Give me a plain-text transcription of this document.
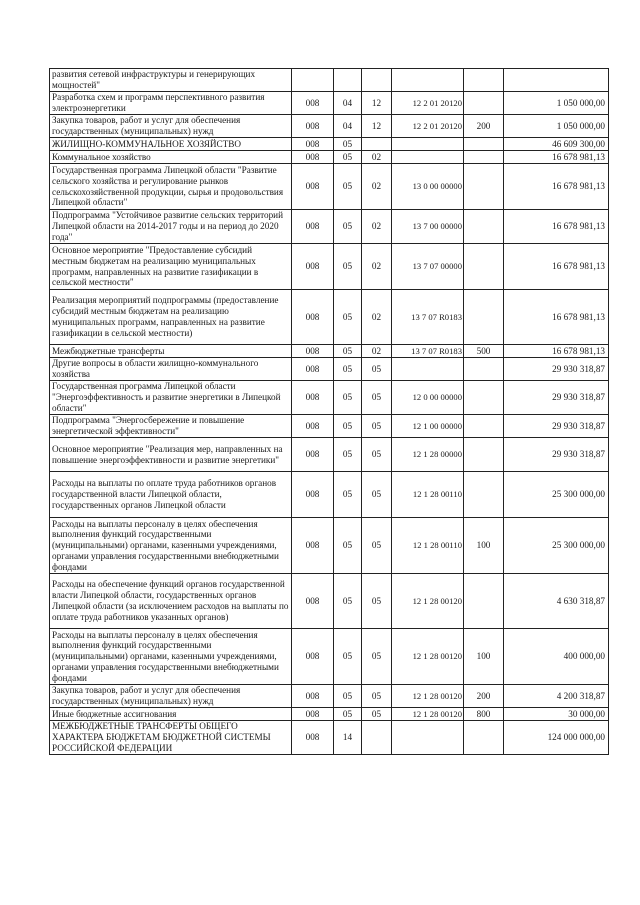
развития сетевой инфраструктуры и генерирующих мощностей"						
Разработка схем и программ перспективного развития электроэнергетики	008	04	12	12 2 01 20120		1 050 000,00
Закупка товаров, работ и услуг для обеспечения государственных (муниципальных) нужд	008	04	12	12 2 01 20120	200	1 050 000,00
ЖИЛИЩНО-КОММУНАЛЬНОЕ ХОЗЯЙСТВО	008	05				46 609 300,00
Коммунальное хозяйство	008	05	02			16 678 981,13
Государственная программа Липецкой области "Развитие сельского хозяйства и регулирование рынков сельскохозяйственной продукции, сырья и продовольствия Липецкой области"	008	05	02	13 0 00 00000		16 678 981,13
Подпрограмма "Устойчивое развитие сельских территорий Липецкой области на 2014-2017 годы и на период до 2020 года"	008	05	02	13 7 00 00000		16 678 981,13
Основное мероприятие "Предоставление субсидий местным бюджетам на реализацию муниципальных программ, направленных на развитие газификации в сельской местности"	008	05	02	13 7 07 00000		16 678 981,13
Реализация мероприятий подпрограммы (предоставление субсидий местным бюджетам на реализацию муниципальных программ, направленных на развитие газификации в сельской местности)	008	05	02	13 7 07 R0183		16 678 981,13
Межбюджетные трансферты	008	05	02	13 7 07 R0183	500	16 678 981,13
Другие вопросы в области жилищно-коммунального хозяйства	008	05	05			29 930 318,87
Государственная программа Липецкой области "Энергоэффективность и развитие энергетики в Липецкой области"	008	05	05	12 0 00 00000		29 930 318,87
Подпрограмма "Энергосбережение и повышение энергетической эффективности"	008	05	05	12 1 00 00000		29 930 318,87
Основное мероприятие "Реализация мер, направленных на повышение энергоэффективности и развитие энергетики"	008	05	05	12 1 28 00000		29 930 318,87
Расходы на выплаты по оплате труда работников органов государственной власти Липецкой области, государственных органов Липецкой области	008	05	05	12 1 28 00110		25 300 000,00
Расходы на выплаты персоналу в целях обеспечения выполнения функций государственными (муниципальными) органами, казенными учреждениями, органами управления государственными внебюджетными фондами	008	05	05	12 1 28 00110	100	25 300 000,00
Расходы на обеспечение функций органов государственной власти Липецкой области, государственных органов Липецкой области (за исключением расходов на выплаты по оплате труда работников указанных органов)	008	05	05	12 1 28 00120		4 630 318,87
Расходы на выплаты персоналу в целях обеспечения выполнения функций государственными (муниципальными) органами, казенными учреждениями, органами управления государственными внебюджетными фондами	008	05	05	12 1 28 00120	100	400 000,00
Закупка товаров, работ и услуг для обеспечения государственных (муниципальных) нужд	008	05	05	12 1 28 00120	200	4 200 318,87
Иные бюджетные ассигнования	008	05	05	12 1 28 00120	800	30 000,00
МЕЖБЮДЖЕТНЫЕ ТРАНСФЕРТЫ ОБЩЕГО ХАРАКТЕРА БЮДЖЕТАМ БЮДЖЕТНОЙ СИСТЕМЫ РОССИЙСКОЙ ФЕДЕРАЦИИ	008	14				124 000 000,00
